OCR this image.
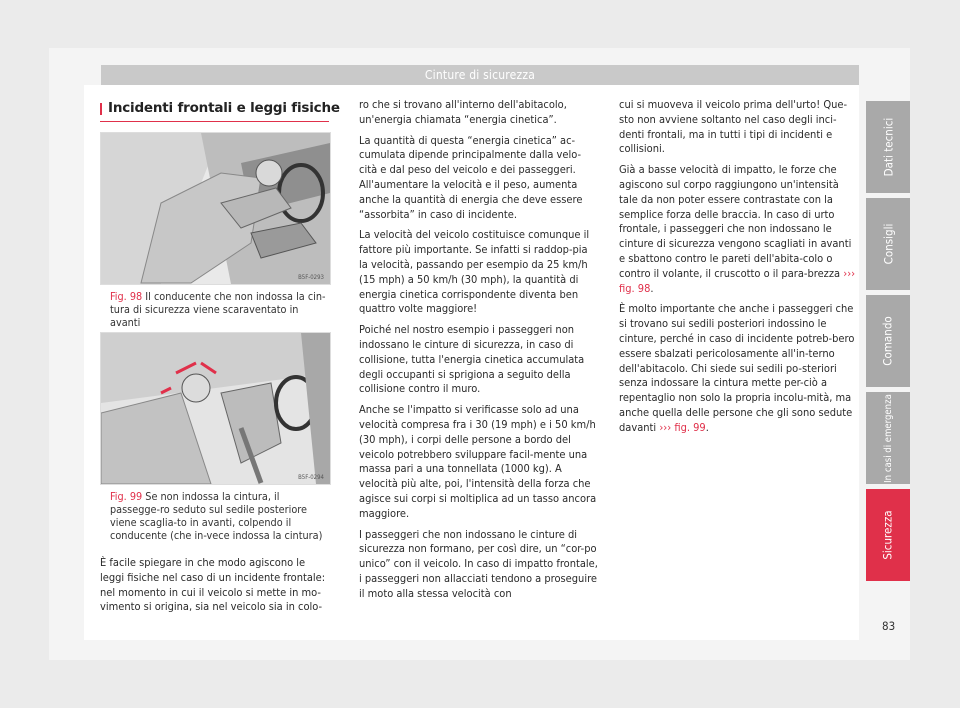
Cinture di sicurezza
Incidenti frontali e leggi fisiche
B5F-0293
Fig. 98 Il conducente che non indossa la cin-tura di sicurezza viene scaraventato in avanti
B5F-0294
Fig. 99 Se non indossa la cintura, il passegge-ro seduto sul sedile posteriore viene scaglia-to in avanti, colpendo il conducente (che in-vece indossa la cintura)

È facile spiegare in che modo agiscono le leggi fisiche nel caso di un incidente frontale: nel momento in cui il veicolo si mette in mo-vimento si origina, sia nel veicolo sia in colo-

ro che si trovano all'interno dell'abitacolo, un'energia chiamata “energia cinetica”.

La quantità di questa “energia cinetica” ac-cumulata dipende principalmente dalla velo-cità e dal peso del veicolo e dei passeggeri. All'aumentare la velocità e il peso, aumenta anche la quantità di energia che deve essere “assorbita” in caso di incidente.

La velocità del veicolo costituisce comunque il fattore più importante. Se infatti si raddop-pia la velocità, passando per esempio da 25 km/h (15 mph) a 50 km/h (30 mph), la quantità di energia cinetica corrispondente diventa ben quattro volte maggiore!

Poiché nel nostro esempio i passeggeri non indossano le cinture di sicurezza, in caso di collisione, tutta l'energia cinetica accumulata degli occupanti si sprigiona a seguito della collisione contro il muro.

Anche se l'impatto si verificasse solo ad una velocità compresa fra i 30 (19 mph) e i 50 km/h (30 mph), i corpi delle persone a bordo del veicolo potrebbero sviluppare facil-mente una massa pari a una tonnellata (1000 kg). A velocità più alte, poi, l'intensità della forza che agisce sui corpi si moltiplica ad un tasso ancora maggiore.

I passeggeri che non indossano le cinture di sicurezza non formano, per così dire, un “cor-po unico” con il veicolo. In caso di impatto frontale, i passeggeri non allacciati tendono a proseguire il moto alla stessa velocità con

cui si muoveva il veicolo prima dell'urto! Que-sto non avviene soltanto nel caso degli inci-denti frontali, ma in tutti i tipi di incidenti e collisioni.

Già a basse velocità di impatto, le forze che agiscono sul corpo raggiungono un'intensità tale da non poter essere contrastate con la semplice forza delle braccia. In caso di urto frontale, i passeggeri che non indossano le cinture di sicurezza vengono scagliati in avanti e sbattono contro le pareti dell'abita-colo o contro il volante, il cruscotto o il para-brezza ››› fig. 98.

È molto importante che anche i passeggeri che si trovano sui sedili posteriori indossino le cinture, perché in caso di incidente potreb-bero essere sbalzati pericolosamente all'in-terno dell'abitacolo. Chi siede sui sedili po-steriori senza indossare la cintura mette per-ciò a repentaglio non solo la propria incolu-mità, ma anche quella delle persone che gli sono sedute davanti ››› fig. 99.

Dati tecnici
Consigli
Comando
In casi di emergenza
Sicurezza
83
